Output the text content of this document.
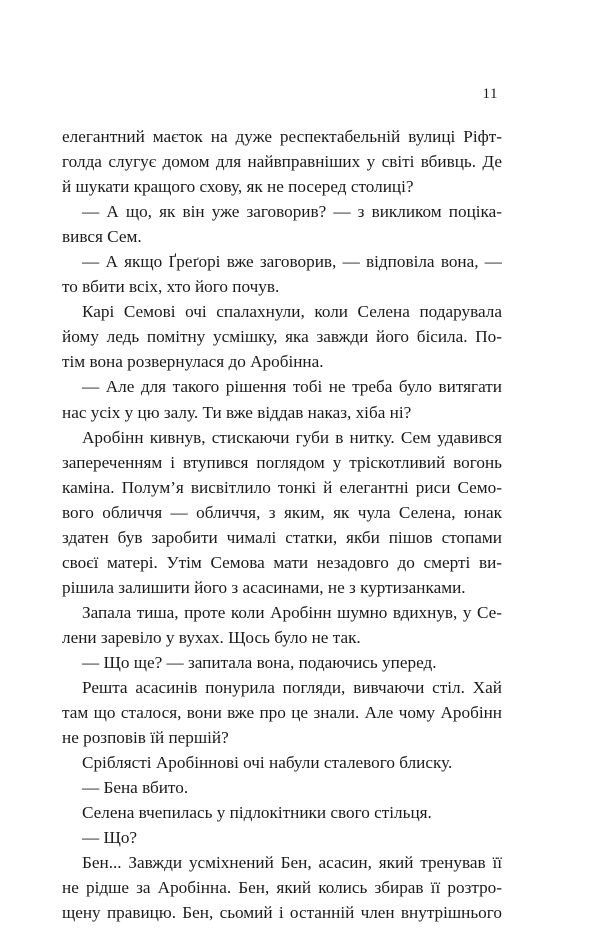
11
елегантний маєток на дуже респектабельній вулиці Ріфт-
голда слугує домом для найвправніших у світі вбивць. Де
й шукати кращого схову, як не посеред столиці?
— А що, як він уже заговорив? — з викликом поціка-
вився Сем.
— А якщо Ґреґорі вже заговорив, — відповіла вона, —
то вбити всіх, хто його почув.
Карі Семові очі спалахнули, коли Селена подарувала
йому ледь помітну усмішку, яка завжди його бісила. По-
тім вона розвернулася до Аробінна.
— Але для такого рішення тобі не треба було витягати
нас усіх у цю залу. Ти вже віддав наказ, хіба ні?
Аробінн кивнув, стискаючи губи в нитку. Сем удавився
запереченням і втупився поглядом у тріскотливий вогонь
каміна. Полум’я висвітлило тонкі й елегантні риси Семо-
вого обличчя — обличчя, з яким, як чула Селена, юнак
здатен був заробити чималі статки, якби пішов стопами
своєї матері. Утім Семова мати незадовго до смерті ви-
рішила залишити його з асасинами, не з куртизанками.
Запала тиша, проте коли Аробінн шумно вдихнув, у Се-
лени заревіло у вухах. Щось було не так.
— Що ще? — запитала вона, подаючись уперед.
Решта асасинів понурила погляди, вивчаючи стіл. Хай
там що сталося, вони вже про це знали. Але чому Аробінн
не розповів їй першій?
Сріблясті Аробіннові очі набули сталевого блиску.
— Бена вбито.
Селена вчепилась у підлокітники свого стільця.
— Що?
Бен... Завжди усміхнений Бен, асасин, який тренував її
не рідше за Аробінна. Бен, який колись збирав її розтро-
щену правицю. Бен, сьомий і останній член внутрішнього
